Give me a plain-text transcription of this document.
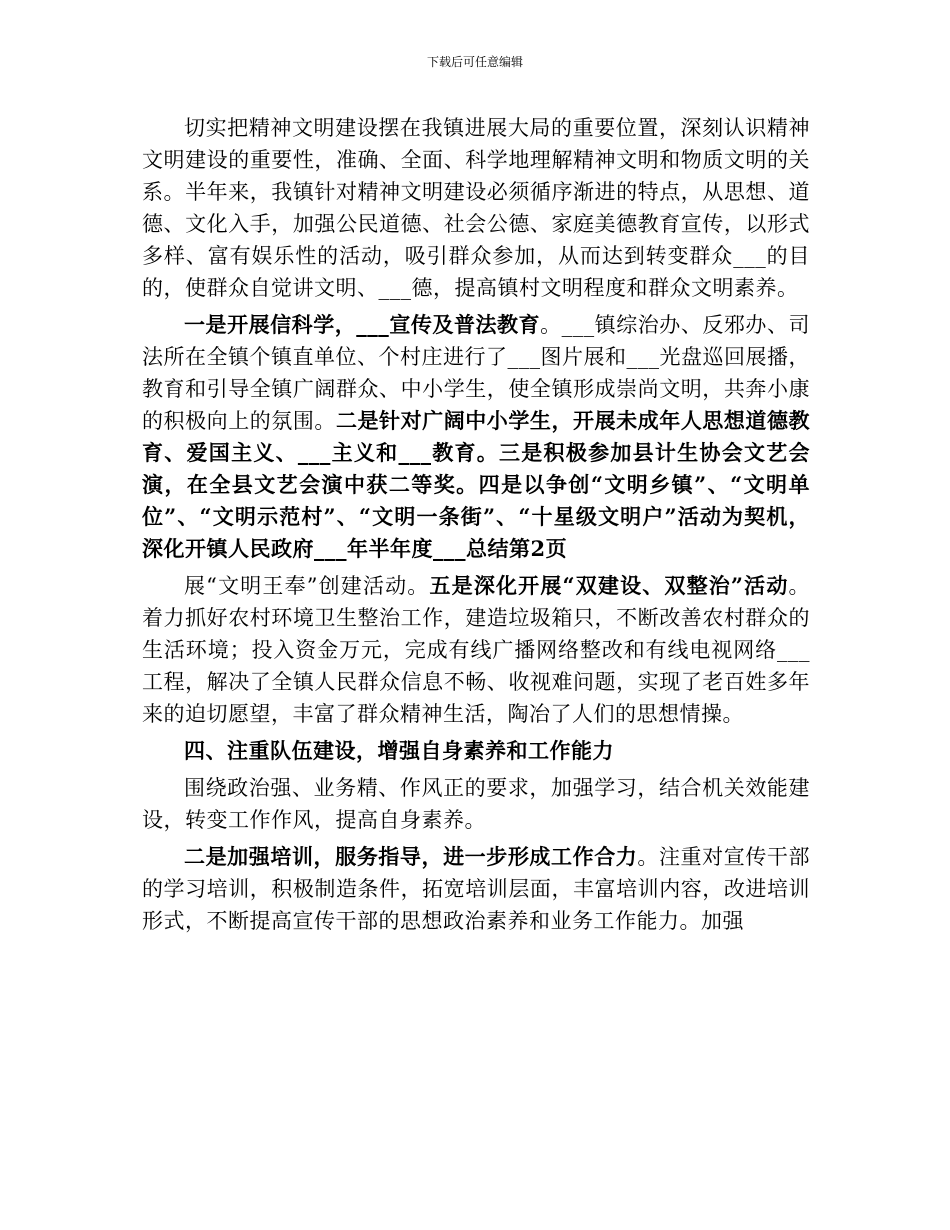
下载后可任意编辑

切实把精神文明建设摆在我镇进展大局的重要位置，深刻认识精神文明建设的重要性，准确、全面、科学地理解精神文明和物质文明的关系。半年来，我镇针对精神文明建设必须循序渐进的特点，从思想、道德、文化入手，加强公民道德、社会公德、家庭美德教育宣传，以形式多样、富有娱乐性的活动，吸引群众参加，从而达到转变群众___的目的，使群众自觉讲文明、___德，提高镇村文明程度和群众文明素养。

一是开展信科学，___宣传及普法教育。___镇综治办、反邪办、司法所在全镇个镇直单位、个村庄进行了___图片展和___光盘巡回展播，教育和引导全镇广阔群众、中小学生，使全镇形成崇尚文明，共奔小康的积极向上的氛围。二是针对广阔中小学生，开展未成年人思想道德教育、爱国主义、___主义和___教育。三是积极参加县计生协会文艺会演，在全县文艺会演中获二等奖。四是以争创“文明乡镇”、“文明单位”、“文明示范村”、“文明一条街”、“十星级文明户”活动为契机，深化开镇人民政府___年半年度___总结第2页

展“文明王奉”创建活动。五是深化开展“双建设、双整治”活动。着力抓好农村环境卫生整治工作，建造垃圾箱只，不断改善农村群众的生活环境；投入资金万元，完成有线广播网络整改和有线电视网络___工程，解决了全镇人民群众信息不畅、收视难问题，实现了老百姓多年来的迫切愿望，丰富了群众精神生活，陶冶了人们的思想情操。

四、注重队伍建设，增强自身素养和工作能力

围绕政治强、业务精、作风正的要求，加强学习，结合机关效能建设，转变工作作风，提高自身素养。

二是加强培训，服务指导，进一步形成工作合力。注重对宣传干部的学习培训，积极制造条件，拓宽培训层面，丰富培训内容，改进培训形式，不断提高宣传干部的思想政治素养和业务工作能力。加强
